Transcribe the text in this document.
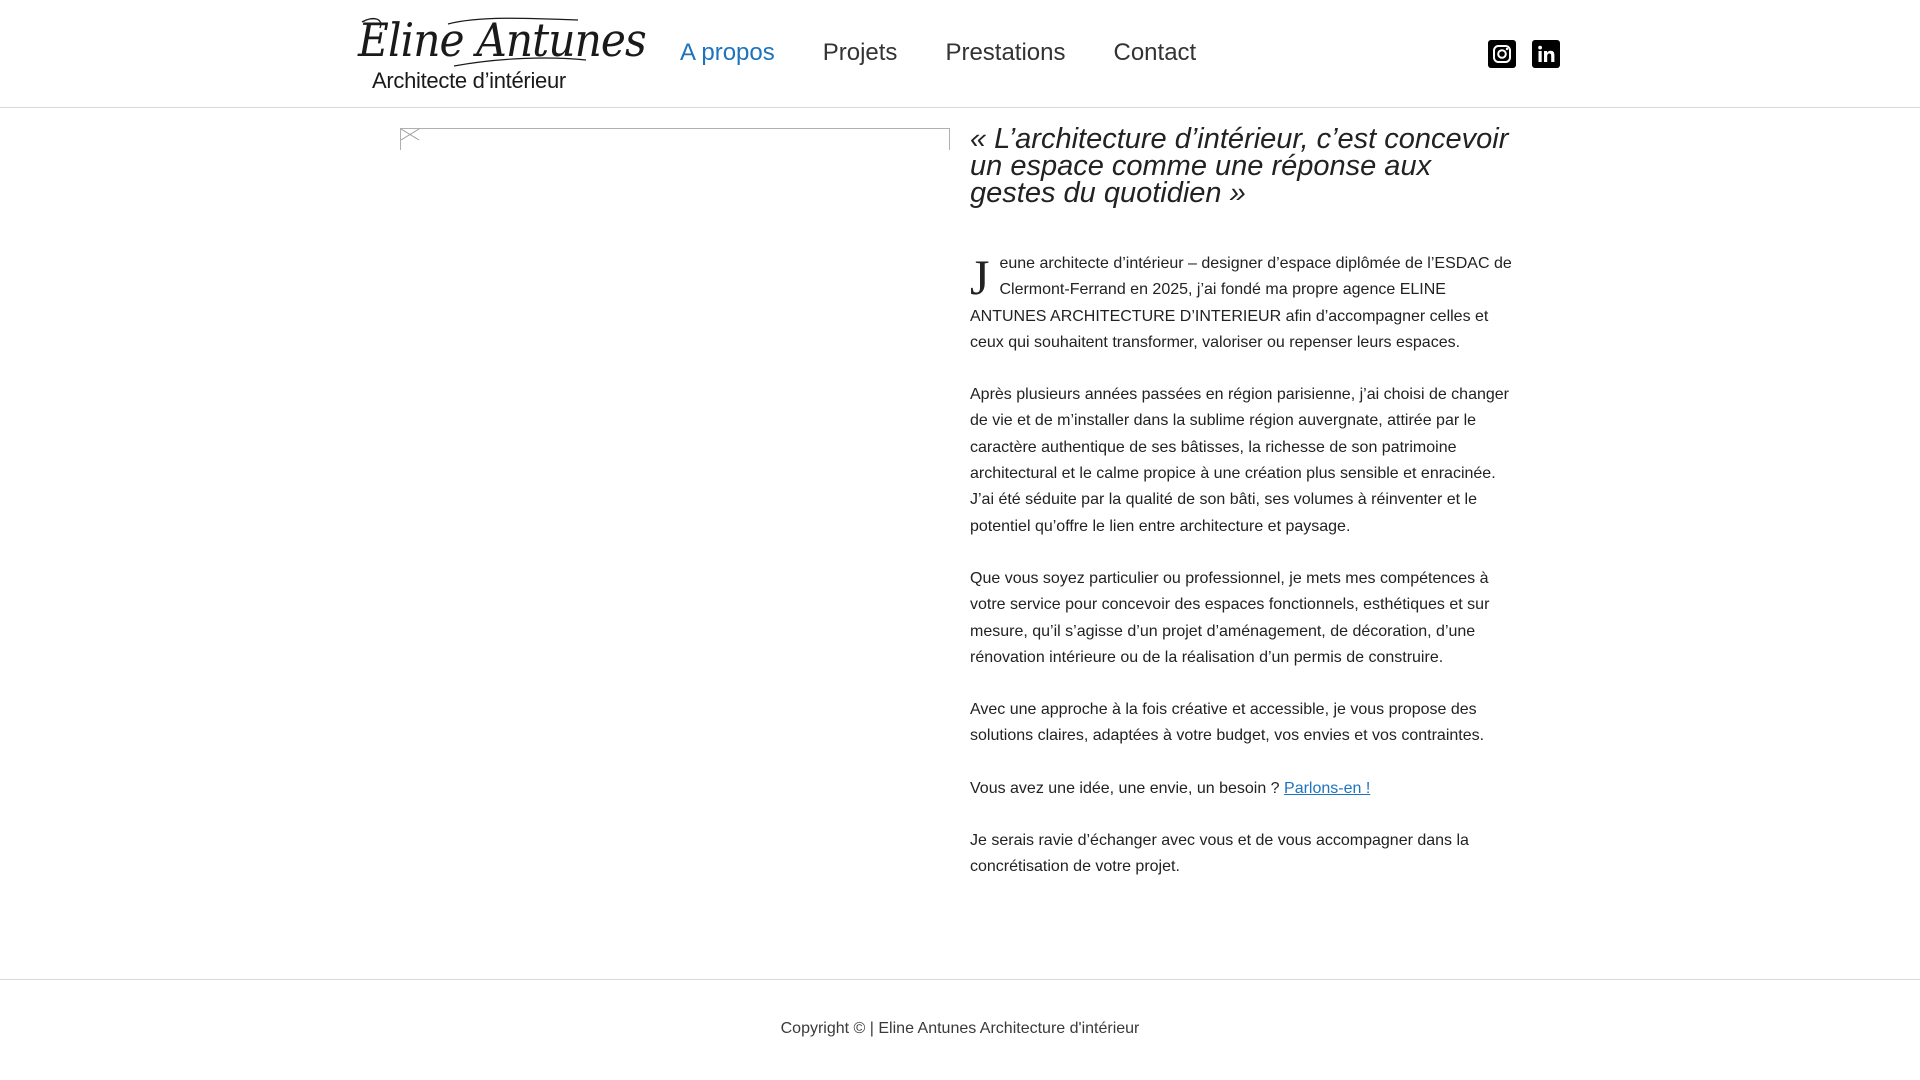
Eline Antunes
Architecte d’intérieur
A propos Projets Prestations Contact
« L’architecture d’intérieur, c’est concevoir un espace comme une réponse aux gestes du quotidien »

Jeune architecte d’intérieur – designer d’espace diplômée de l’ESDAC de Clermont-Ferrand en 2025, j’ai fondé ma propre agence ELINE ANTUNES ARCHITECTURE D’INTERIEUR afin d’accompagner celles et ceux qui souhaitent transformer, valoriser ou repenser leurs espaces.

Après plusieurs années passées en région parisienne, j’ai choisi de changer de vie et de m’installer dans la sublime région auvergnate, attirée par le caractère authentique de ses bâtisses, la richesse de son patrimoine architectural et le calme propice à une création plus sensible et enracinée. J’ai été séduite par la qualité de son bâti, ses volumes à réinventer et le potentiel qu’offre le lien entre architecture et paysage.

Que vous soyez particulier ou professionnel, je mets mes compétences à votre service pour concevoir des espaces fonctionnels, esthétiques et sur mesure, qu’il s’agisse d’un projet d’aménagement, de décoration, d’une rénovation intérieure ou de la réalisation d’un permis de construire.

Avec une approche à la fois créative et accessible, je vous propose des solutions claires, adaptées à votre budget, vos envies et vos contraintes.

Vous avez une idée, une envie, un besoin ? Parlons-en !

Je serais ravie d’échanger avec vous et de vous accompagner dans la concrétisation de votre projet.

Copyright © | Eline Antunes Architecture d'intérieur
